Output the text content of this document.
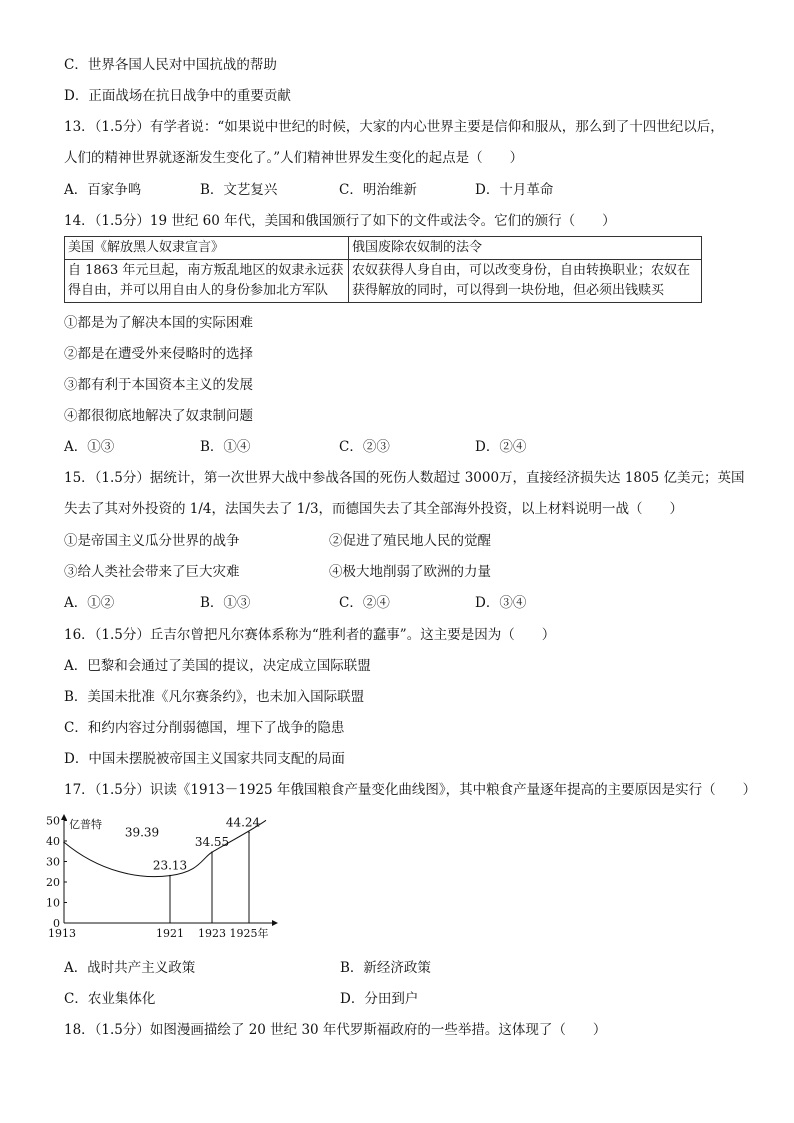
C．世界各国人民对中国抗战的帮助
D．正面战场在抗日战争中的重要贡献
13．（1.5分）有学者说：“如果说中世纪的时候，大家的内心世界主要是信仰和服从，那么到了十四世纪以后，
人们的精神世界就逐渐发生变化了。”人们精神世界发生变化的起点是（　　）
A．百家争鸣	B．文艺复兴	C．明治维新	D．十月革命
14．（1.5分）19 世纪 60 年代，美国和俄国颁行了如下的文件或法令。它们的颁行（　　）
美国《解放黑人奴隶宣言》	俄国废除农奴制的法令
自 1863 年元旦起，南方叛乱地区的奴隶永远获得自由，并可以用自由人的身份参加北方军队	农奴获得人身自由，可以改变身份，自由转换职业；农奴在获得解放的同时，可以得到一块份地，但必须出钱赎买
①都是为了解决本国的实际困难
②都是在遭受外来侵略时的选择
③都有利于本国资本主义的发展
④都很彻底地解决了奴隶制问题
A．①③	B．①④	C．②③	D．②④
15．（1.5分）据统计，第一次世界大战中参战各国的死伤人数超过 3000万，直接经济损失达 1805 亿美元；英国
失去了其对外投资的 1/4，法国失去了 1/3，而德国失去了其全部海外投资，以上材料说明一战（　　）
①是帝国主义瓜分世界的战争	②促进了殖民地人民的觉醒
③给人类社会带来了巨大灾难	④极大地削弱了欧洲的力量
A．①②	B．①③	C．②④	D．③④
16．（1.5分）丘吉尔曾把凡尔赛体系称为“胜利者的蠢事”。这主要是因为（　　）
A．巴黎和会通过了美国的提议，决定成立国际联盟
B．美国未批准《凡尔赛条约》，也未加入国际联盟
C．和约内容过分削弱德国，埋下了战争的隐患
D．中国未摆脱被帝国主义国家共同支配的局面
17．（1.5分）识读《1913－1925 年俄国粮食产量变化曲线图》，其中粮食产量逐年提高的主要原因是实行（　　）
0
10
20
30
40
50
1913	1921 1923 1925年
亿普特
39.39
23.13
34.55
44.24
A．战时共产主义政策	B．新经济政策
C．农业集体化	D．分田到户
18．（1.5分）如图漫画描绘了 20 世纪 30 年代罗斯福政府的一些举措。这体现了（　　）
